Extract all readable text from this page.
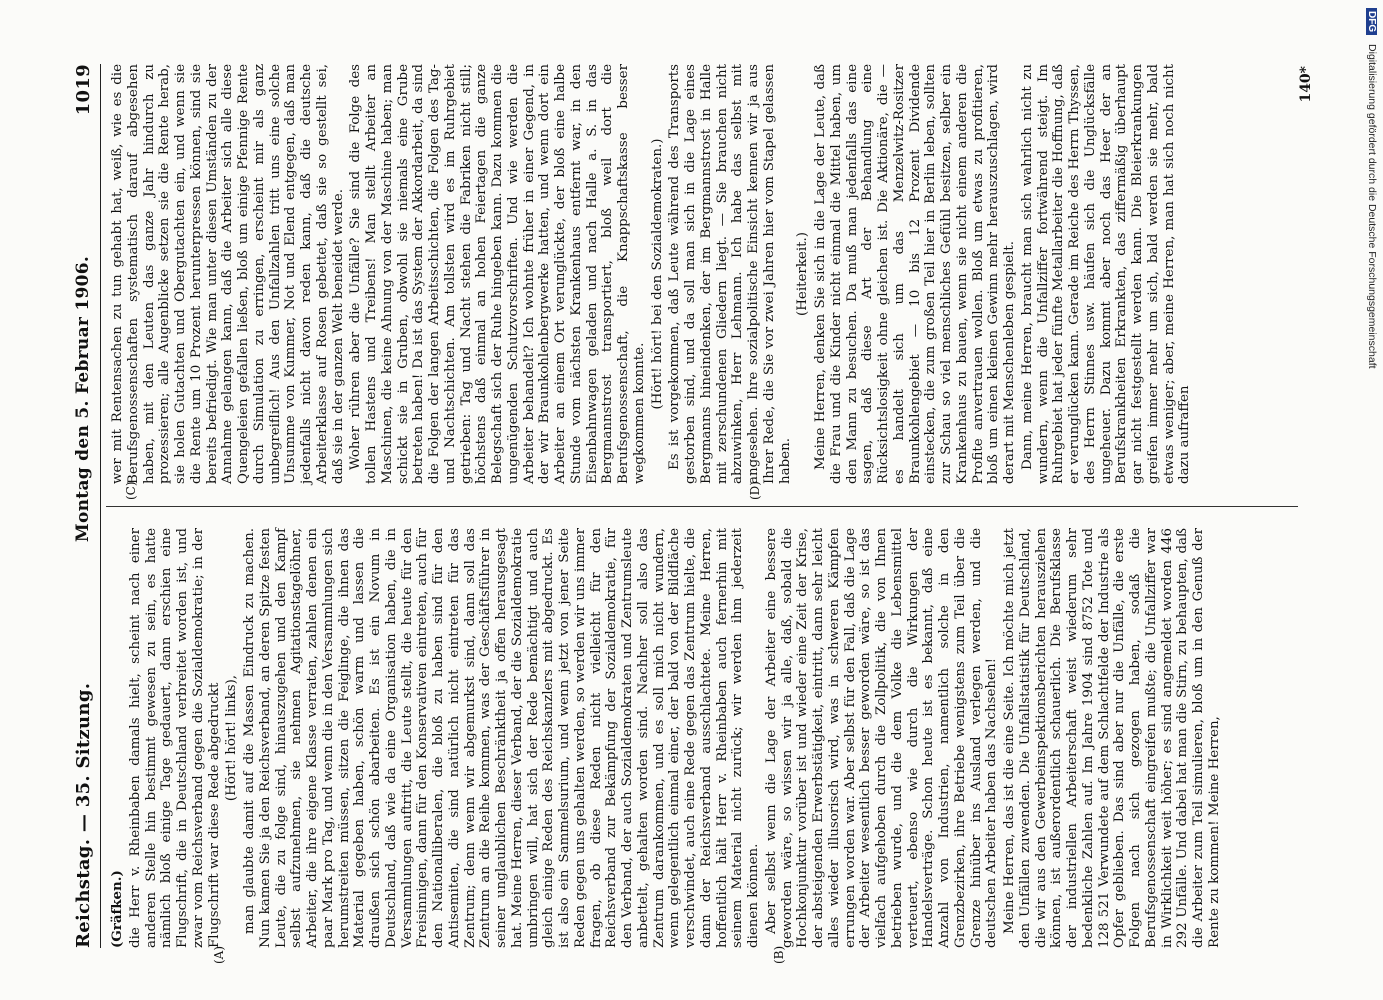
Reichstag. — 35. Sitzung.
Montag den 5. Februar 1906.
1019
(A)	(B)
(C)	(D)

(Gräfken.) die Herr v. Rheinbaben damals hielt, scheint nach einer anderen Stelle hin bestimmt gewesen zu sein, es hatte nämlich bloß einige Tage gedauert, dann erschien eine Flugschrift, die in Deutschland verbreitet worden ist, und zwar vom Reichsverband gegen die Sozialdemokratie; in der Flugschrift war diese Rede abgedruckt (Hört! hört! links), man glaubte damit auf die Massen Eindruck zu machen. Nun kamen Sie ja den Reichsverband, an deren Spitze festen Leute, die zu folge sind, hinauszugehen und den Kampf selbst aufzunehmen, sie nehmen Agitationstagelöhner, Arbeiter, die ihre eigene Klasse verraten, zahlen denen ein paar Mark pro Tag, und wenn die in den Versammlungen sich herumstreiten müssen, sitzen die Feiglinge, die ihnen das Material gegeben haben, schön warm und lassen die draußen sich schön abarbeiten. Es ist ein Novum in Deutschland, daß wie da eine Organisation haben, die in Versammlungen auftritt, die Leute stellt, die heute für den Freisinnigen, dann für den Konservativen eintreten, auch für den Nationalliberalen, die bloß zu haben sind für den Antisemiten, die sind natürlich nicht eintreten für das Zentrum; denn wenn wir abgemurkst sind, dann soll das Zentrum an die Reihe kommen, was der Geschäftsführer in seiner unglaublichen Beschränktheit ja offen herausgesagt hat. Meine Herren, dieser Verband, der die Sozialdemokratie umbringen will, hat sich der Rede bemächtigt und auch gleich einige Reden des Reichskanzlers mit abgedruckt. Es ist also ein Sammelsurium, und wenn jetzt von jener Seite Reden gegen uns gehalten werden, so werden wir uns immer fragen, ob diese Reden nicht vielleicht für den Reichsverband zur Bekämpfung der Sozialdemokratie, für den Verband, der auch Sozialdemokraten und Zentrumsleute anbettelt, gehalten worden sind. Nachher soll also das Zentrum darankommen, und es soll mich nicht wundern, wenn gelegentlich einmal einer, der bald von der Bildfläche verschwindet, auch eine Rede gegen das Zentrum hielte, die dann der Reichsverband ausschlachtete. Meine Herren, hoffentlich hält Herr v. Rheinbaben auch fernerhin mit seinem Material nicht zurück; wir werden ihm jederzeit dienen können. Aber selbst wenn die Lage der Arbeiter eine bessere geworden wäre, so wissen wir ja alle, daß, sobald die Hochkonjunktur vorüber ist und wieder eine Zeit der Krise, der absteigenden Erwerbstätigkeit, eintritt, dann sehr leicht alles wieder illusorisch wird, was in schweren Kämpfen errungen worden war. Aber selbst für den Fall, daß die Lage der Arbeiter wesentlich besser geworden wäre, so ist das vielfach aufgehoben durch die Zollpolitik, die von Ihnen betrieben wurde, und die dem Volke die Lebensmittel verteuert, ebenso wie durch die Wirkungen der Handelsverträge. Schon heute ist es bekannt, daß eine Anzahl von Industrien, namentlich solche in den Grenzbezirken, ihre Betriebe wenigstens zum Teil über die Grenze hinüber ins Ausland verlegen werden, und die deutschen Arbeiter haben das Nachsehen! Meine Herren, das ist die eine Seite. Ich möchte mich jetzt den Unfällen zuwenden. Die Unfallstatistik für Deutschland, die wir aus den Gewerbeinspektionsberichten herausziehen können, ist außerordentlich schauerlich. Die Berufsklasse der industriellen Arbeiterschaft weist wiederum sehr bedenkliche Zahlen auf. Im Jahre 1904 sind 8752 Tote und 128 521 Verwundete auf dem Schlachtfelde der Industrie als Opfer geblieben. Das sind aber nur die Unfälle, die erste Folgen nach sich gezogen haben, sodaß die Berufsgenossenschaft eingreifen mußte; die Unfallziffer war in Wirklichkeit weit höher; es sind angemeldet worden 446 292 Unfälle. Und dabei hat man die Stirn, zu behaupten, daß die Arbeiter zum Teil simulieren, bloß um in den Genuß der Rente zu kommen! Meine Herren,

wer mit Rentensachen zu tun gehabt hat, weiß, wie es die Berufsgenossenschaften systematisch darauf abgesehen haben, mit den Leuten das ganze Jahr hindurch zu prozessieren; alle Augenblicke setzen sie die Rente herab, sie holen Gutachten und Obergutachten ein, und wenn sie die Rente um 10 Prozent herunterpressen können, sind sie bereits befriedigt. Wie man unter diesen Umständen zu der Annahme gelangen kann, daß die Arbeiter sich alle diese Quengeleien gefallen ließen, bloß um einige Pfennige Rente durch Simulation zu erringen, erscheint mir als ganz unbegreiflich! Aus den Unfallzahlen tritt uns eine solche Unsumme von Kummer, Not und Elend entgegen, daß man jedenfalls nicht davon reden kann, daß die deutsche Arbeiterklasse auf Rosen gebettet, daß sie so gestellt sei, daß sie in der ganzen Welt beneidet werde. Woher rühren aber die Unfälle? Sie sind die Folge des tollen Hastens und Treibens! Man stellt Arbeiter an Maschinen, die keine Ahnung von der Maschine haben; man schickt sie in Gruben, obwohl sie niemals eine Grube betreten haben! Da ist das System der Akkordarbeit, da sind die Folgen der langen Arbeitsschichten, die Folgen des Tag- und Nachtschichten. Am tollsten wird es im Ruhrgebiet getrieben: Tag und Nacht stehen die Fabriken nicht still; höchstens daß einmal an hohen Feiertagen die ganze Belegschaft sich der Ruhe hingeben kann. Dazu kommen die ungenügenden Schutzvorschriften. Und wie werden die Arbeiter behandelt? Ich wohnte früher in einer Gegend, in der wir Braunkohlenbergwerke hatten, und wenn dort ein Arbeiter an einem Ort verunglückte, der bloß eine halbe Stunde vom nächsten Krankenhaus entfernt war, in den Eisenbahnwagen geladen und nach Halle a. S. in das Bergmannstrost transportiert, bloß weil dort die Berufsgenossenschaft, die Knappschaftskasse besser wegkommen konnte.

(Hört! hört! bei den Sozialdemokraten.) Es ist vorgekommen, daß Leute während des Transports gestorben sind, und da soll man sich in die Lage eines Bergmanns hineindenken, der im Bergmannstrost in Halle mit zerschundenen Gliedern liegt. — Sie brauchen nicht abzuwinken, Herr Lehmann. Ich habe das selbst mit angesehen. Ihre sozialpolitische Einsicht kennen wir ja aus Ihrer Rede, die Sie vor zwei Jahren hier vom Stapel gelassen haben.

(Heiterkeit.) Meine Herren, denken Sie sich in die Lage der Leute, daß die Frau und die Kinder nicht einmal die Mittel haben, um den Mann zu besuchen. Da muß man jedenfalls das eine sagen, daß diese Art der Behandlung eine Rücksichtslosigkeit ohne gleichen ist. Die Aktionäre, die — es handelt sich um das Menzelwitz-Rositzer Braunkohlengebiet — 10 bis 12 Prozent Dividende einstecken, die zum großen Teil hier in Berlin leben, sollten zur Schau so viel menschliches Gefühl besitzen, selber ein Krankenhaus zu bauen, wenn sie nicht einem anderen die Profite anvertrauen wollen. Bloß um etwas zu profitieren, bloß um einen kleinen Gewinn mehr herauszuschlagen, wird derart mit Menschenleben gespielt. Dann, meine Herren, braucht man sich wahrlich nicht zu wundern, wenn die Unfallziffer fortwährend steigt. Im Ruhrgebiet hat jeder fünfte Metallarbeiter die Hoffnung, daß er verunglücken kann. Gerade im Reiche des Herrn Thyssen, des Herrn Stinnes usw. häufen sich die Unglücksfälle ungeheuer. Dazu kommt aber noch das Heer der an Berufskrankheiten Erkrankten, das ziffermäßig überhaupt gar nicht festgestellt werden kann. Die Bleierkrankungen greifen immer mehr um sich, bald werden sie mehr, bald etwas weniger; aber, meine Herren, man hat sich noch nicht dazu aufraffen

140*
DFG Digitalisierung gefördert durch die Deutsche Forschungsgemeinschaft
